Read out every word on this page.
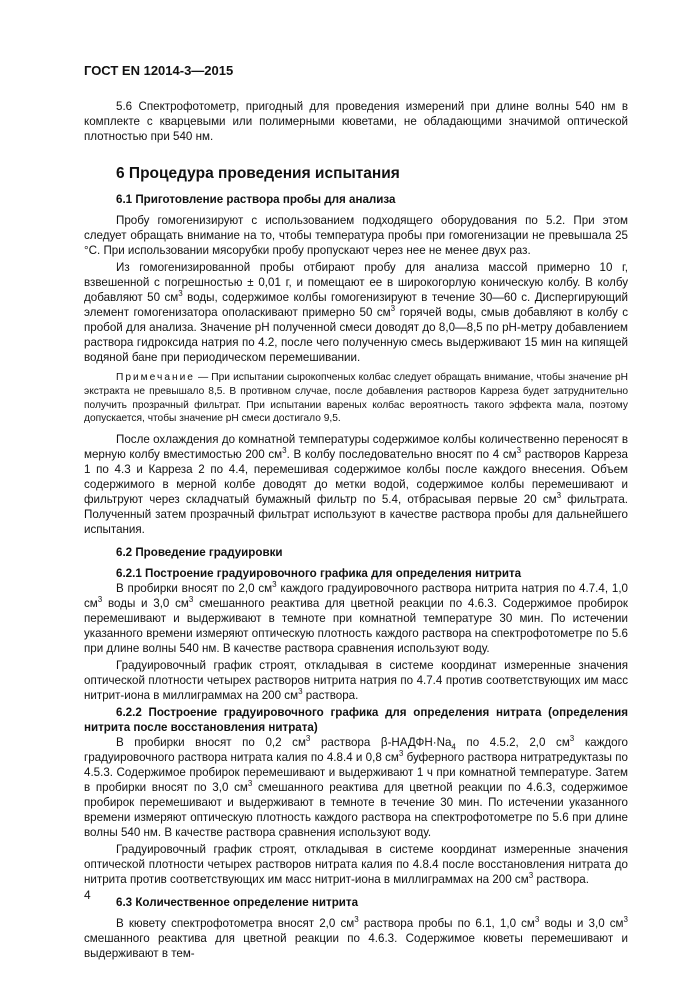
ГОСТ EN 12014-3—2015

5.6 Спектрофотометр, пригодный для проведения измерений при длине волны 540 нм в комплекте с кварцевыми или полимерными кюветами, не обладающими значимой оптической плотностью при 540 нм.

6 Процедура проведения испытания
6.1 Приготовление раствора пробы для анализа

Пробу гомогенизируют с использованием подходящего оборудования по 5.2. При этом следует обращать внимание на то, чтобы температура пробы при гомогенизации не превышала 25 °С. При использовании мясорубки пробу пропускают через нее не менее двух раз.

Из гомогенизированной пробы отбирают пробу для анализа массой примерно 10 г, взвешенной с погрешностью ± 0,01 г, и помещают ее в широкогорлую коническую колбу. В колбу добавляют 50 $см^3$ воды, содержимое колбы гомогенизируют в течение 30—60 с. Диспергирующий элемент гомогенизатора ополаскивают примерно 50 $см^3$ горячей воды, смыв добавляют в колбу с пробой для анализа. Значение рН полученной смеси доводят до 8,0—8,5 по рН-метру добавлением раствора гидроксида натрия по 4.2, после чего полученную смесь выдерживают 15 мин на кипящей водяной бане при периодическом перемешивании.

Примечание — При испытании сырокопченых колбас следует обращать внимание, чтобы значение рН экстракта не превышало 8,5. В противном случае, после добавления растворов Карреза будет затруднительно получить прозрачный фильтрат. При испытании вареных колбас вероятность такого эффекта мала, поэтому допускается, чтобы значение рН смеси достигало 9,5.

После охлаждения до комнатной температуры содержимое колбы количественно переносят в мерную колбу вместимостью 200 $см^3$. В колбу последовательно вносят по 4 $см^3$ растворов Карреза 1 по 4.3 и Карреза 2 по 4.4, перемешивая содержимое колбы после каждого внесения. Объем содержимого в мерной колбе доводят до метки водой, содержимое колбы перемешивают и фильтруют через складчатый бумажный фильтр по 5.4, отбрасывая первые 20 $см^3$ фильтрата. Полученный затем прозрачный фильтрат используют в качестве раствора пробы для дальнейшего испытания.

6.2 Проведение градуировки

6.2.1 Построение градуировочного графика для определения нитрита

В пробирки вносят по 2,0 $см^3$ каждого градуировочного раствора нитрита натрия по 4.7.4, 1,0 $см^3$ воды и 3,0 $см^3$ смешанного реактива для цветной реакции по 4.6.3. Содержимое пробирок перемешивают и выдерживают в темноте при комнатной температуре 30 мин. По истечении указанного времени измеряют оптическую плотность каждого раствора на спектрофотометре по 5.6 при длине волны 540 нм. В качестве раствора сравнения используют воду.

Градуировочный график строят, откладывая в системе координат измеренные значения оптической плотности четырех растворов нитрита натрия по 4.7.4 против соответствующих им масс нитрит-иона в миллиграммах на 200 $см^3$ раствора.

6.2.2 Построение градуировочного графика для определения нитрата (определения нитрита после восстановления нитрата)

В пробирки вносят по 0,2 $см^3$ раствора $\beta-НАДФН\cdot Na_4$ по 4.5.2, 2,0 $см^3$ каждого градуировочного раствора нитрата калия по 4.8.4 и 0,8 $см^3$ буферного раствора нитратредуктазы по 4.5.3. Содержимое пробирок перемешивают и выдерживают 1 ч при комнатной температуре. Затем в пробирки вносят по 3,0 $см^3$ смешанного реактива для цветной реакции по 4.6.3, содержимое пробирок перемешивают и выдерживают в темноте в течение 30 мин. По истечении указанного времени измеряют оптическую плотность каждого раствора на спектрофотометре по 5.6 при длине волны 540 нм. В качестве раствора сравнения используют воду.

Градуировочный график строят, откладывая в системе координат измеренные значения оптической плотности четырех растворов нитрата калия по 4.8.4 после восстановления нитрата до нитрита против соответствующих им масс нитрит-иона в миллиграммах на 200 $см^3$ раствора.

6.3 Количественное определение нитрита

В кювету спектрофотометра вносят 2,0 $см^3$ раствора пробы по 6.1, 1,0 $см^3$ воды и 3,0 $см^3$ смешанного реактива для цветной реакции по 4.6.3. Содержимое кюветы перемешивают и выдерживают в тем-

4
